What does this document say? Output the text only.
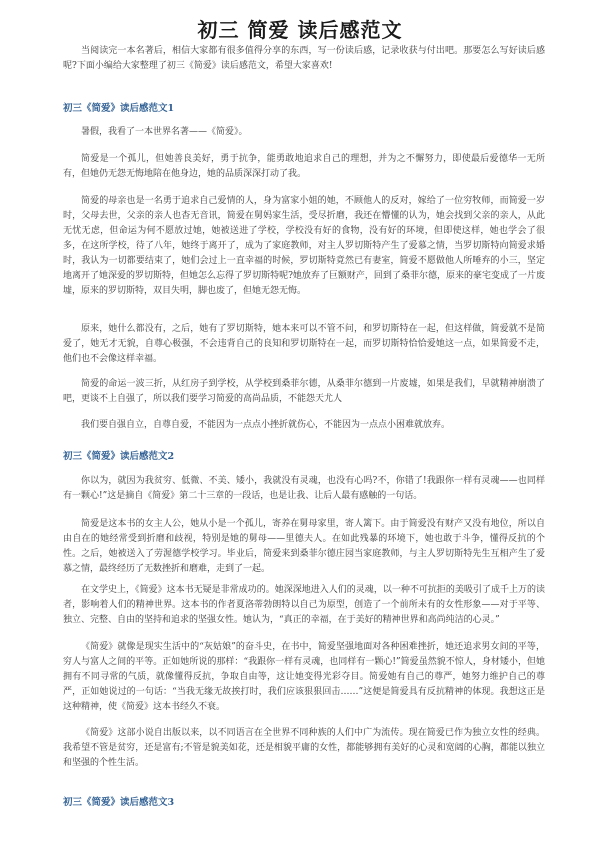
初三 简爱 读后感范文

当阅读完一本名著后，相信大家都有很多值得分享的东西，写一份读后感，记录收获与付出吧。那要怎么写好读后感呢?下面小编给大家整理了初三《简爱》读后感范文，希望大家喜欢!

初三《简爱》读后感范文1

暑假，我看了一本世界名著——《简爱》。

简爱是一个孤儿，但她善良美好，勇于抗争，能勇敢地追求自己的理想，并为之不懈努力，即使最后爱德华一无所有，但她仍无怨无悔地陪在他身边，她的品质深深打动了我。

简爱的母亲也是一名勇于追求自己爱情的人，身为富家小姐的她，不顾他人的反对，嫁给了一位穷牧师，而简爱一岁时，父母去世，父亲的亲人也杳无音讯，简爱在舅妈家生活，受尽折磨，我还在懵懂的认为，她会找到父亲的亲人，从此无忧无虑，但命运为何不愿放过她，她被送进了学校，学校没有好的食物，没有好的环境，但即使这样，她也学会了很多，在这所学校，待了八年，她终于离开了，成为了家庭教师，对主人罗切斯特产生了爱慕之情，当罗切斯特向简爱求婚时，我认为一切都要结束了，她们会过上一直幸福的时候，罗切斯特竟然已有妻室，简爱不愿做他人所唾弃的小三，坚定地离开了她深爱的罗切斯特，但她怎么忘得了罗切斯特呢?她放弃了巨额财产，回到了桑菲尔德，原来的豪宅变成了一片废墟，原来的罗切斯特，双目失明，脚也废了，但她无怨无悔。

原来，她什么都没有，之后，她有了罗切斯特，她本来可以不管不问，和罗切斯特在一起，但这样做，简爱就不是简爱了，她无才无貌，自尊心极强，不会违背自己的良知和罗切斯特在一起，而罗切斯特恰恰爱她这一点，如果简爱不走，他们也不会像这样幸福。

简爱的命运一波三折，从红房子到学校，从学校到桑菲尔德，从桑菲尔德到一片废墟，如果是我们，早就精神崩溃了吧，更谈不上自强了，所以我们要学习简爱的高尚品质，不能怨天尤人

我们要自强自立，自尊自爱，不能因为一点点小挫折就伤心，不能因为一点点小困难就放弃。

初三《简爱》读后感范文2

你以为，就因为我贫穷、低微、不美、矮小，我就没有灵魂，也没有心吗?不，你错了!我跟你一样有灵魂——也同样有一颗心!”这是摘自《简爱》第二十三章的一段话，也是让我、让后人最有感触的一句话。

简爱是这本书的女主人公，她从小是一个孤儿，寄养在舅母家里，寄人篱下。由于简爱没有财产又没有地位，所以自由自在的她经常受到折磨和歧视，特别是她的舅母——里德夫人。在如此残暴的环境下，她也敢于斗争，懂得反抗的个性。之后，她被送入了劳渥德学校学习。毕业后，简爱来到桑菲尔德庄园当家庭教师，与主人罗切斯特先生互相产生了爱慕之情，最终经历了无数挫折和磨难，走到了一起。

在文学史上，《简爱》这本书无疑是非常成功的。她深深地进入人们的灵魂，以一种不可抗拒的美吸引了成千上万的读者，影响着人们的精神世界。这本书的作者夏洛蒂勃朗特以自己为原型，创造了一个前所未有的女性形象——对于平等、独立、完整、自由的坚持和追求的坚强女性。她认为，“真正的幸福，在于美好的精神世界和高尚纯洁的心灵。”

《简爱》就像是现实生活中的“灰姑娘”的奋斗史，在书中，简爱坚强地面对各种困难挫折，她还追求男女间的平等，穷人与富人之间的平等。正如她所说的那样：“我跟你一样有灵魂，也同样有一颗心!”简爱虽然貌不惊人，身材矮小，但她拥有不同寻常的气质，就像懂得反抗，争取自由等，这让她变得光彩夺目。简爱她有自己的尊严，她努力维护自己的尊严，正如她说过的一句话：“当我无缘无故挨打时，我们应该狠狠回击……”这便是简爱具有反抗精神的体现。我想这正是这种精神，使《简爱》这本书经久不衰。

《简爱》这部小说自出版以来，以不同语言在全世界不同种族的人们中广为流传。现在简爱已作为独立女性的经典。我希望不管是贫穷，还是富有;不管是貌美如花，还是相貌平庸的女性，都能够拥有美好的心灵和宽阔的心胸，都能以独立和坚强的个性生活。

初三《简爱》读后感范文3
